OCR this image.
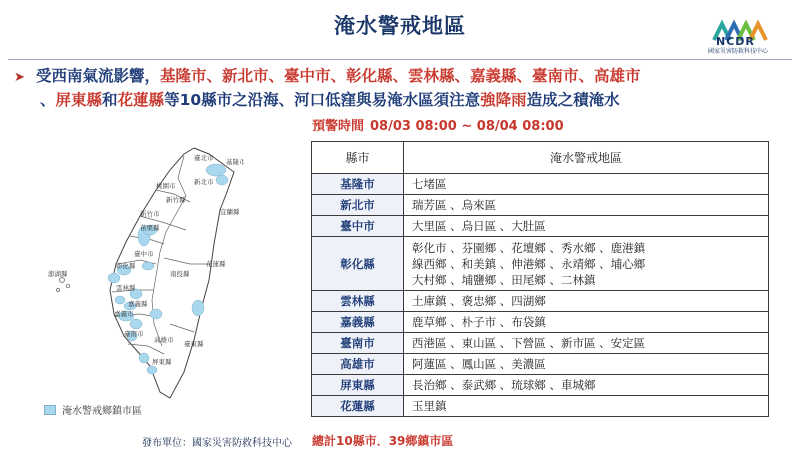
淹水警戒地區
NCDR
國家災害防救科技中心
➤ 受西南氣流影響，基隆市、新北市、臺中市、彰化縣、雲林縣、嘉義縣、臺南市、高雄市
、屏東縣和花蓮縣等10縣市之沿海、河口低窪與易淹水區須注意強降雨造成之積淹水
預警時間 08/03 08:00 ~ 08/04 08:00
縣市	淹水警戒地區
基隆市	七堵區

新北市	瑞芳區 、烏來區

臺中市	大里區 、烏日區 、大肚區

彰化縣	彰化市 、芬園鄉 、花壇鄉 、秀水鄉 、鹿港鎮
線西鄉 、和美鎮 、伸港鄉 、永靖鄉 、埔心鄉
大村鄉 、埔鹽鄉 、田尾鄉 、二林鎮

雲林縣	土庫鎮 、褒忠鄉 、四湖鄉

嘉義縣	鹿草鄉 、朴子市 、布袋鎮

臺南市	西港區 、東山區 、下營區 、新市區 、安定區

高雄市	阿蓮區 、鳳山區 、美濃區

屏東縣	長治鄉 、泰武鄉 、琉球鄉 、車城鄉

花蓮縣	玉里鎮
總計10縣市．39鄉鎮市區
基隆市
臺北市
新北市
桃園市
新竹縣
新竹市
苗栗縣
臺中市
彰化縣
南投縣
花蓮縣
雲林縣
嘉義縣
嘉義市
臺南市
高雄市 臺東縣
屏東縣
澎湖縣
宜蘭縣
淹水警戒鄉鎮市區
發布單位：國家災害防救科技中心
